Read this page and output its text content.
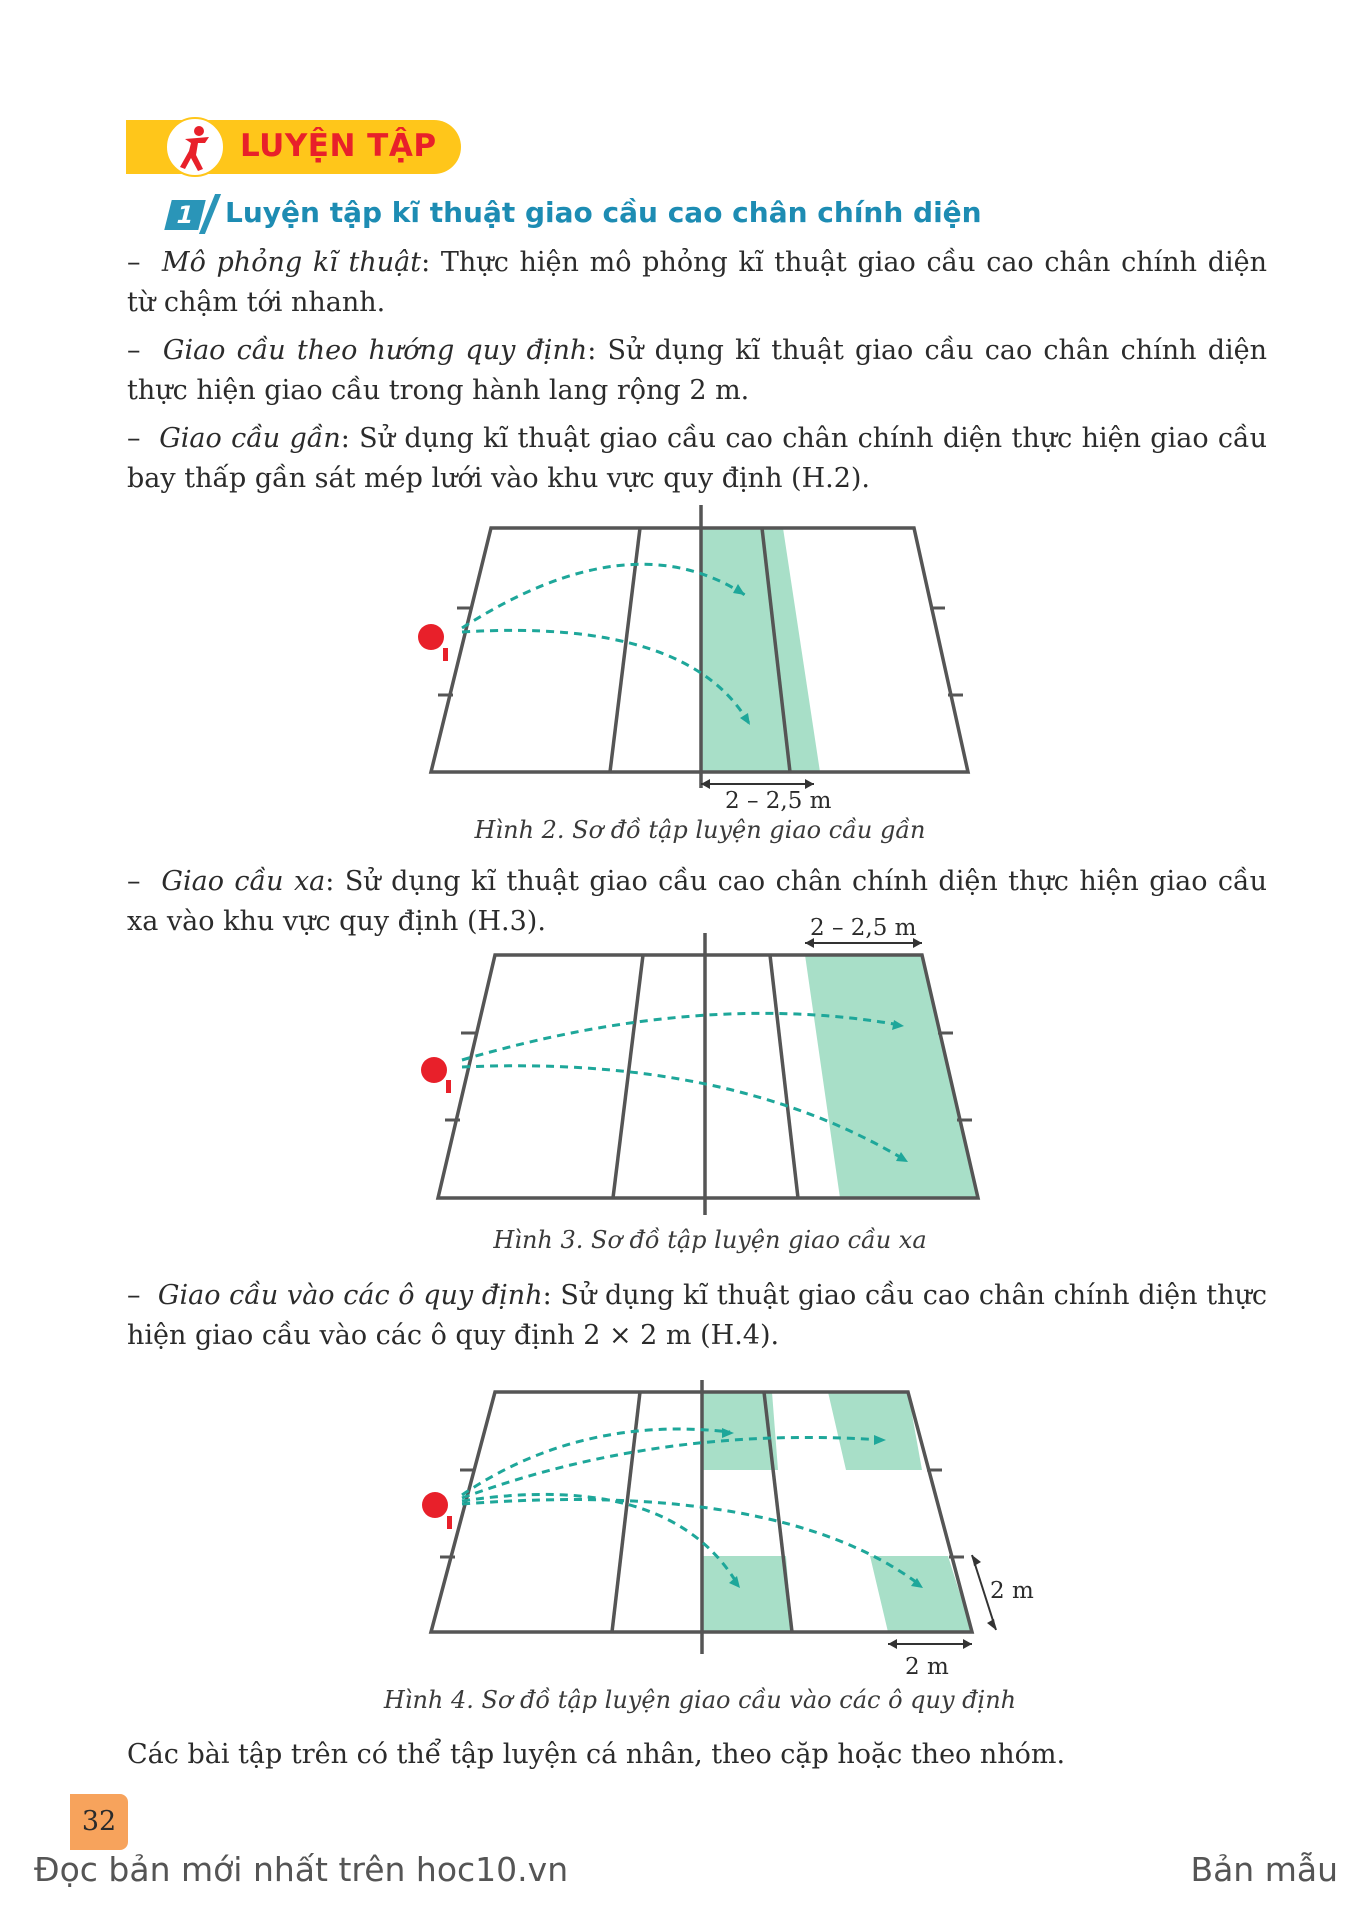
LUYỆN TẬP
1	Luyện tập kĩ thuật giao cầu cao chân chính diện
–  Mô phỏng kĩ thuật: Thực hiện mô phỏng kĩ thuật giao cầu cao chân chính diện từ chậm tới nhanh.
–  Giao cầu theo hướng quy định: Sử dụng kĩ thuật giao cầu cao chân chính diện thực hiện giao cầu trong hành lang rộng 2 m.
–  Giao cầu gần: Sử dụng kĩ thuật giao cầu cao chân chính diện thực hiện giao cầu bay thấp gần sát mép lưới vào khu vực quy định (H.2).
2 – 2,5 m
Hình 2. Sơ đồ tập luyện giao cầu gần
–  Giao cầu xa: Sử dụng kĩ thuật giao cầu cao chân chính diện thực hiện giao cầu xa vào khu vực quy định (H.3).	2 – 2,5 m
Hình 3. Sơ đồ tập luyện giao cầu xa
–  Giao cầu vào các ô quy định: Sử dụng kĩ thuật giao cầu cao chân chính diện thực hiện giao cầu vào các ô quy định 2 × 2 m (H.4).
2 m
2 m
Hình 4. Sơ đồ tập luyện giao cầu vào các ô quy định
Các bài tập trên có thể tập luyện cá nhân, theo cặp hoặc theo nhóm.
32
Đọc bản mới nhất trên hoc10.vn	Bản mẫu
